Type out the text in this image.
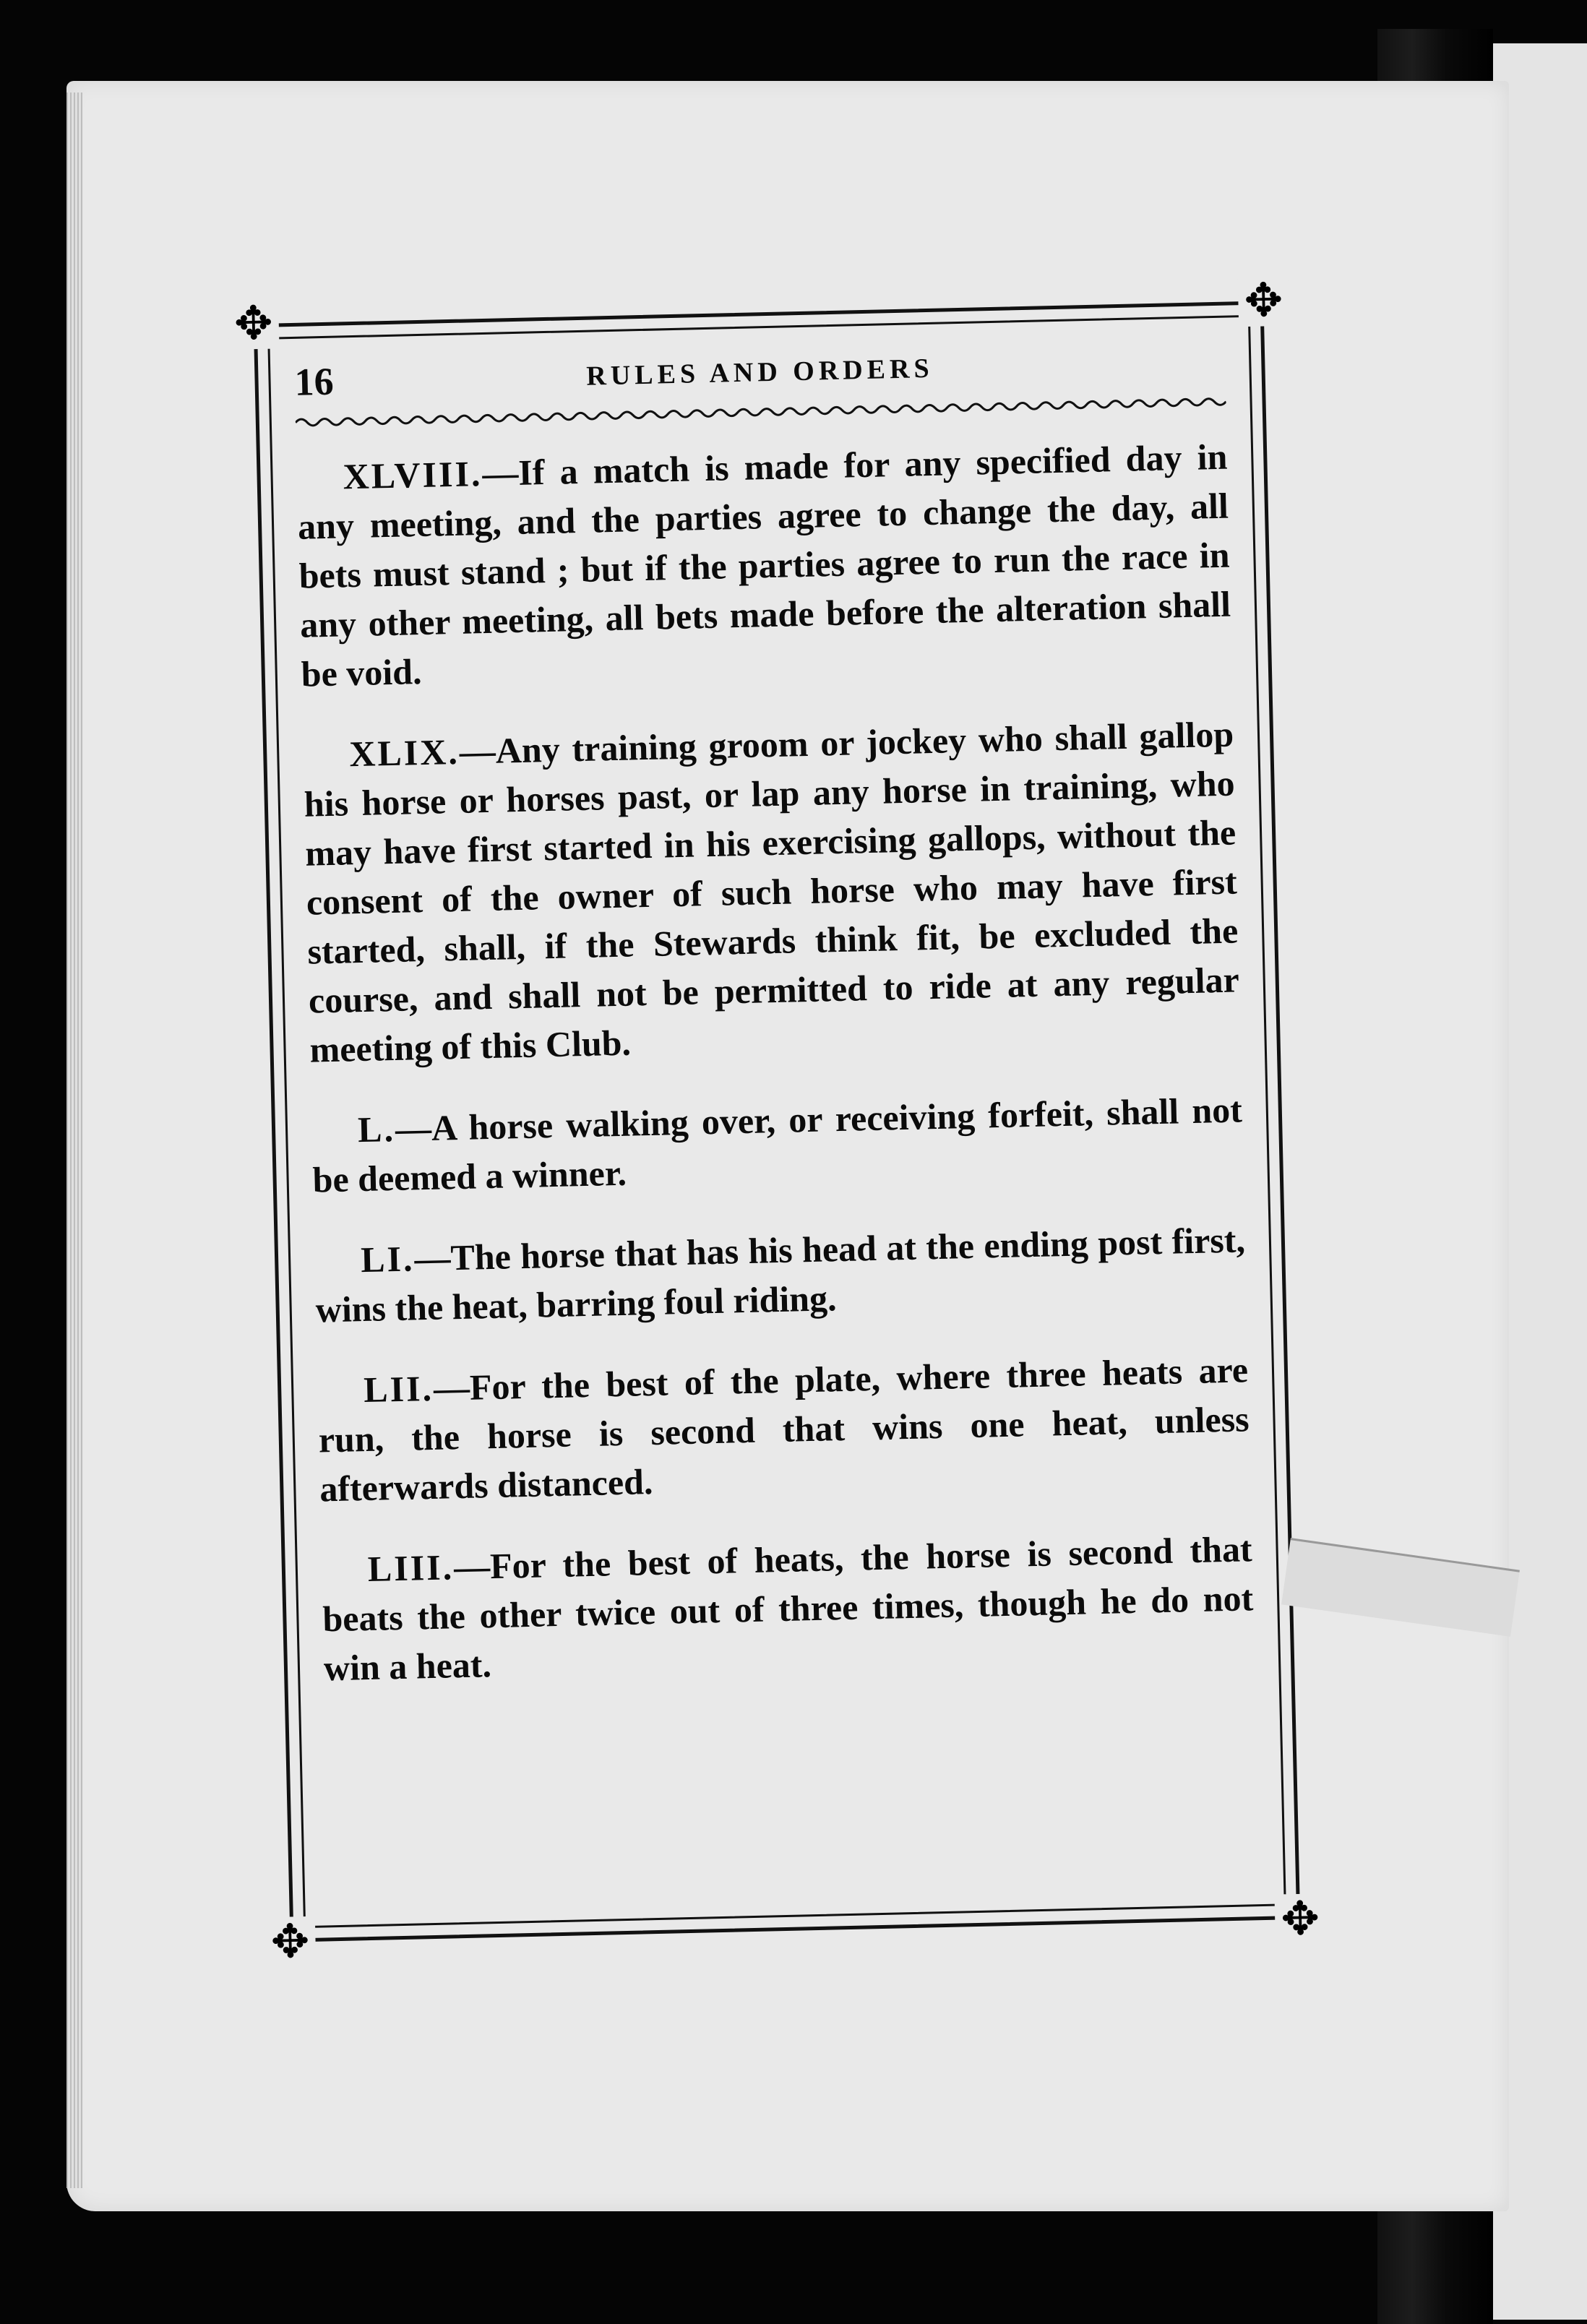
✥	✥
✥	✥
16	RULES AND ORDERS

XLVIII.—If a match is made for any specified day in any meeting, and the parties agree to change the day, all bets must stand ; but if the parties agree to run the race in any other meeting, all bets made before the alteration shall be void.

XLIX.—Any training groom or jockey who shall gallop his horse or horses past, or lap any horse in training, who may have first started in his exercising gallops, without the consent of the owner of such horse who may have first started, shall, if the Stewards think fit, be excluded the course, and shall not be permitted to ride at any regular meeting of this Club.

L.—A horse walking over, or receiving forfeit, shall not be deemed a winner.

LI.—The horse that has his head at the ending post first, wins the heat, barring foul riding.

LII.—For the best of the plate, where three heats are run, the horse is second that wins one heat, unless afterwards distanced.

LIII.—For the best of heats, the horse is second that beats the other twice out of three times, though he do not win a heat.
